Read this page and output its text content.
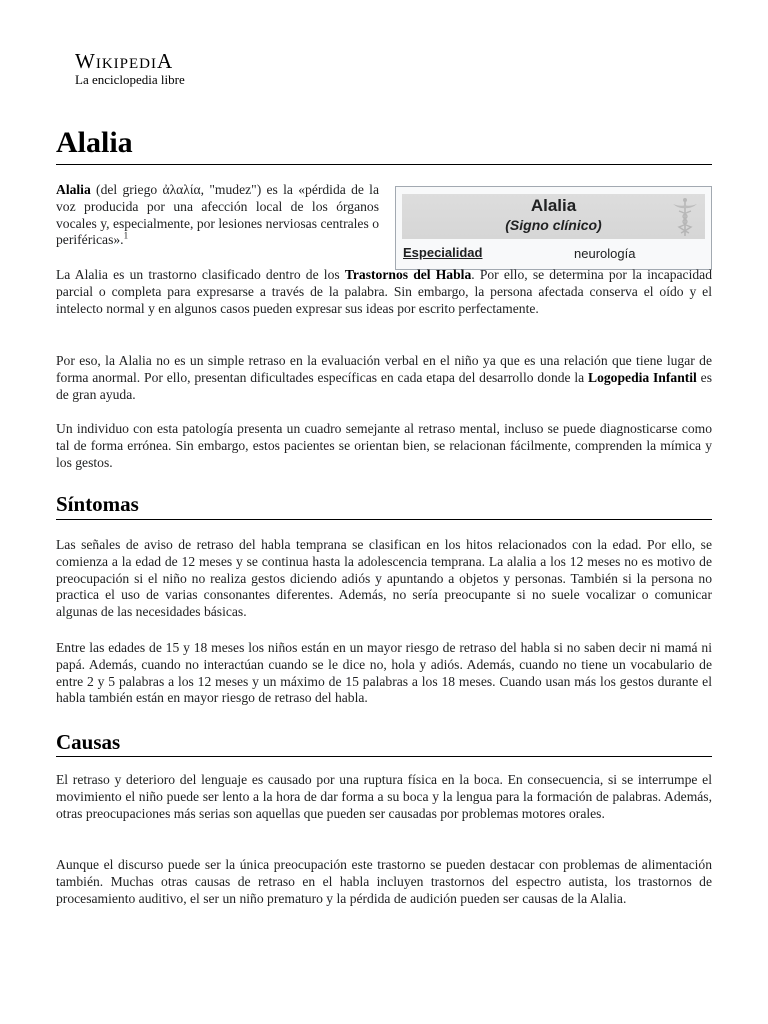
WikipediA
La enciclopedia libre
Alalia
Alalia
(Signo clínico)
Especialidad	neurología

Alalia (del griego ἀλαλία, "mudez") es la «pérdida de la voz producida por una afección local de los órganos vocales y, especialmente, por lesiones nerviosas centrales o periféricas».$^1$

La Alalia es un trastorno clasificado dentro de los Trastornos del Habla. Por ello, se determina por la incapacidad parcial o completa para expresarse a través de la palabra. Sin embargo, la persona afectada conserva el oído y el intelecto normal y en algunos casos pueden expresar sus ideas por escrito perfectamente.

Por eso, la Alalia no es un simple retraso en la evaluación verbal en el niño ya que es una relación que tiene lugar de forma anormal. Por ello, presentan dificultades específicas en cada etapa del desarrollo donde la Logopedia Infantil es de gran ayuda.

Un individuo con esta patología presenta un cuadro semejante al retraso mental, incluso se puede diagnosticarse como tal de forma errónea. Sin embargo, estos pacientes se orientan bien, se relacionan fácilmente, comprenden la mímica y los gestos.

Síntomas

Las señales de aviso de retraso del habla temprana se clasifican en los hitos relacionados con la edad. Por ello, se comienza a la edad de 12 meses y se continua hasta la adolescencia temprana. La alalia a los 12 meses no es motivo de preocupación si el niño no realiza gestos diciendo adiós y apuntando a objetos y personas. También si la persona no practica el uso de varias consonantes diferentes. Además, no sería preocupante si no suele vocalizar o comunicar algunas de las necesidades básicas.

Entre las edades de 15 y 18 meses los niños están en un mayor riesgo de retraso del habla si no saben decir ni mamá ni papá. Además, cuando no interactúan cuando se le dice no, hola y adiós. Además, cuando no tiene un vocabulario de entre 2 y 5 palabras a los 12 meses y un máximo de 15 palabras a los 18 meses. Cuando usan más los gestos durante el habla también están en mayor riesgo de retraso del habla.

Causas

El retraso y deterioro del lenguaje es causado por una ruptura física en la boca. En consecuencia, si se interrumpe el movimiento el niño puede ser lento a la hora de dar forma a su boca y la lengua para la formación de palabras. Además, otras preocupaciones más serias son aquellas que pueden ser causadas por problemas motores orales.

Aunque el discurso puede ser la única preocupación este trastorno se pueden destacar con problemas de alimentación también. Muchas otras causas de retraso en el habla incluyen trastornos del espectro autista, los trastornos de procesamiento auditivo, el ser un niño prematuro y la pérdida de audición pueden ser causas de la Alalia.
